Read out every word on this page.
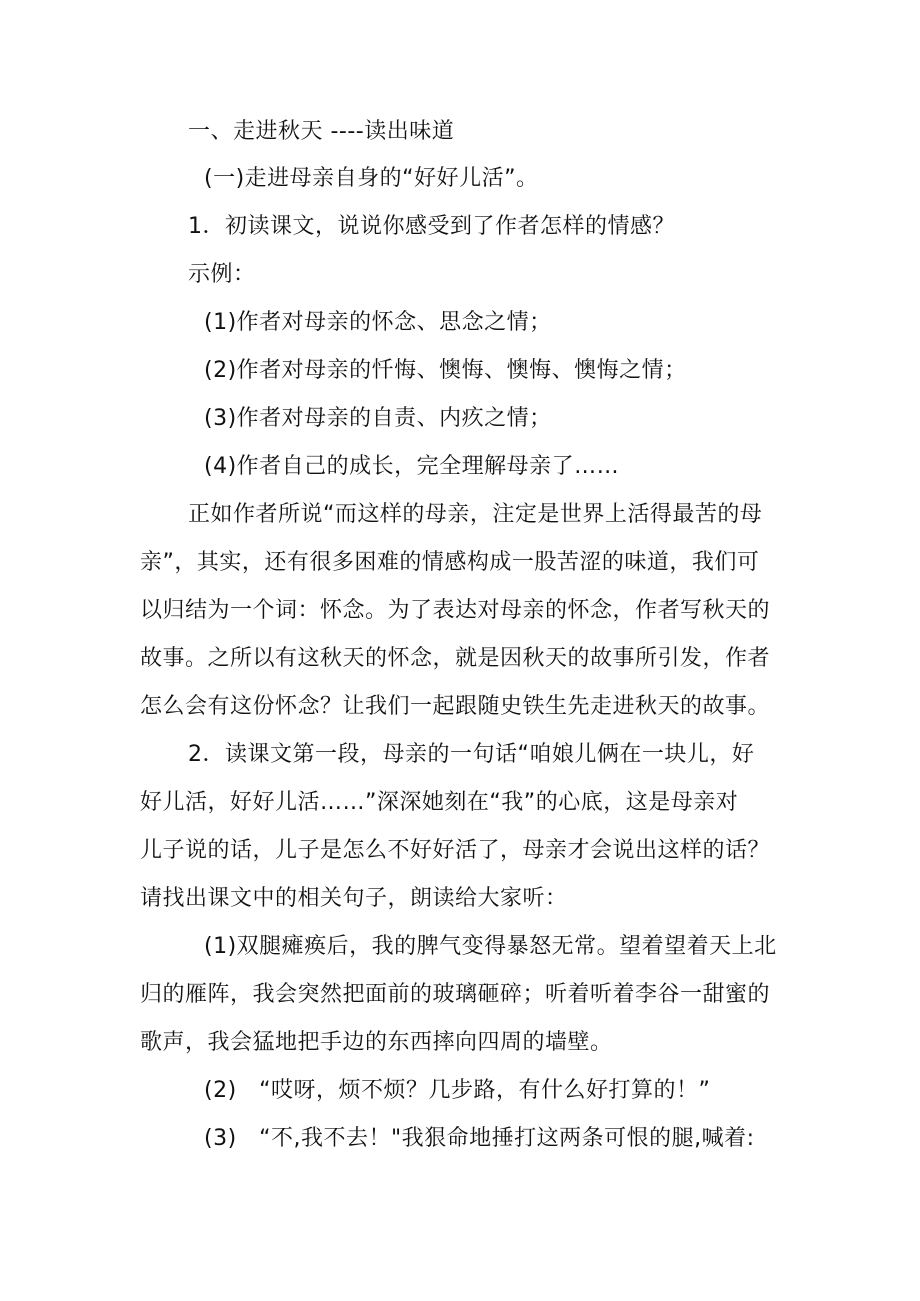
一、走进秋天 ----读出味道
(一)走进母亲自身的“好好儿活”。
1．初读课文，说说你感受到了作者怎样的情感？
示例：
(1)作者对母亲的怀念、思念之情；
(2)作者对母亲的忏悔、懊悔、懊悔、懊悔之情；
(3)作者对母亲的自责、内疚之情；
(4)作者自己的成长，完全理解母亲了……
正如作者所说“而这样的母亲，注定是世界上活得最苦的母
亲”，其实，还有很多困难的情感构成一股苦涩的味道，我们可
以归结为一个词：怀念。为了表达对母亲的怀念，作者写秋天的
故事。之所以有这秋天的怀念，就是因秋天的故事所引发，作者
怎么会有这份怀念？让我们一起跟随史铁生先走进秋天的故事。
2．读课文第一段，母亲的一句话“咱娘儿俩在一块儿，好
好儿活，好好儿活……”深深她刻在“我”的心底，这是母亲对
儿子说的话，儿子是怎么不好好活了，母亲才会说出这样的话？
请找出课文中的相关句子，朗读给大家听：
(1)双腿瘫痪后，我的脾气变得暴怒无常。望着望着天上北
归的雁阵，我会突然把面前的玻璃砸碎；听着听着李谷一甜蜜的
歌声，我会猛地把手边的东西摔向四周的墙壁。
(2)　“哎呀，烦不烦？几步路，有什么好打算的！”
(3)　“不,我不去！"我狠命地捶打这两条可恨的腿,喊着:
